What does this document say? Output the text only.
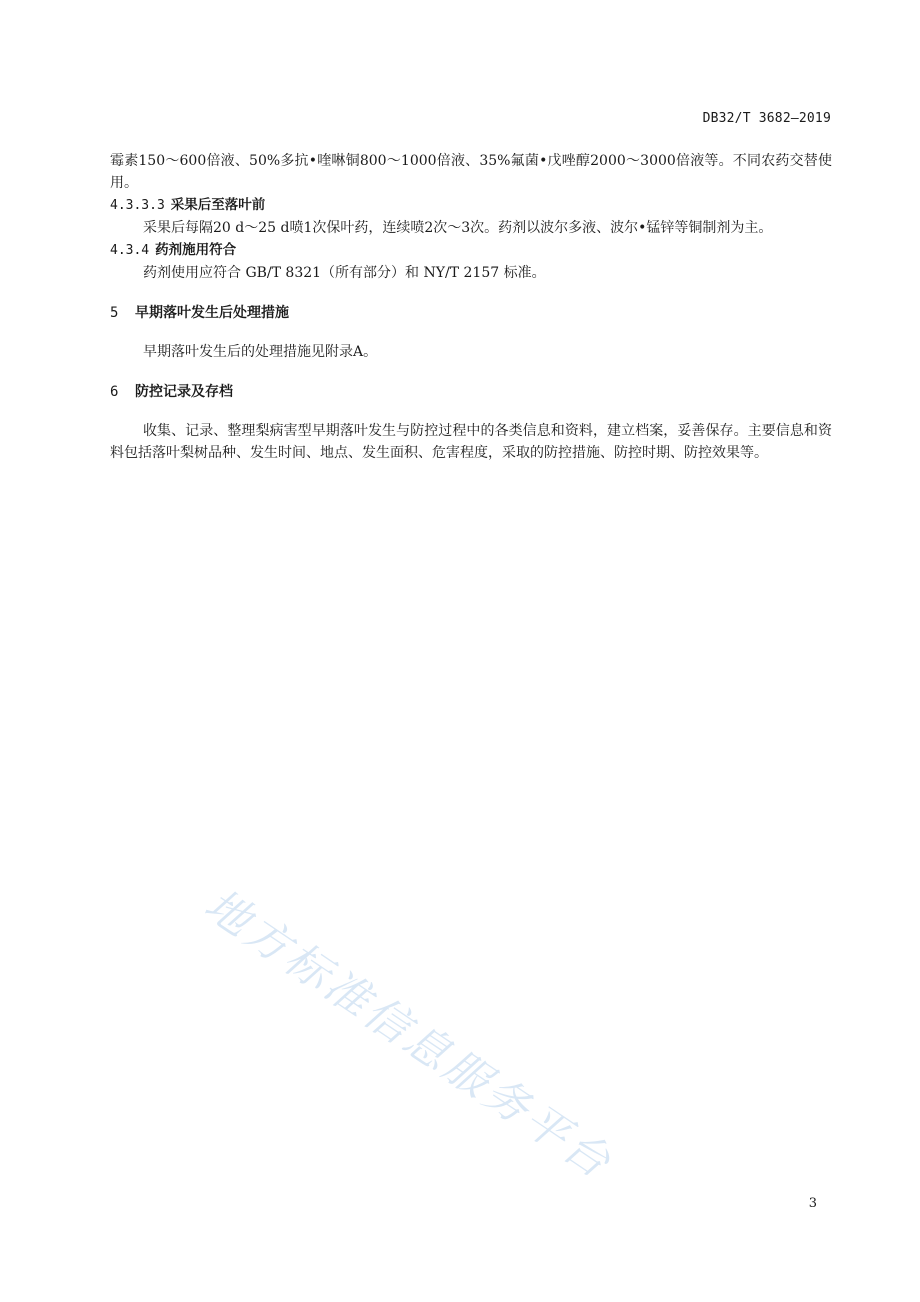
DB32/T 3682—2019

霉素150～600倍液、50%多抗•喹啉铜800～1000倍液、35%氟菌•戊唑醇2000～3000倍液等。不同农药交替使用。

4.3.3.3 采果后至落叶前

采果后每隔20 d～25 d喷1次保叶药，连续喷2次～3次。药剂以波尔多液、波尔•锰锌等铜制剂为主。

4.3.4 药剂施用符合

药剂使用应符合 GB/T 8321（所有部分）和 NY/T 2157 标准。

5 早期落叶发生后处理措施

早期落叶发生后的处理措施见附录A。

6 防控记录及存档

收集、记录、整理梨病害型早期落叶发生与防控过程中的各类信息和资料，建立档案，妥善保存。主要信息和资料包括落叶梨树品种、发生时间、地点、发生面积、危害程度，采取的防控措施、防控时期、防控效果等。

地方标准信息服务平台
3
